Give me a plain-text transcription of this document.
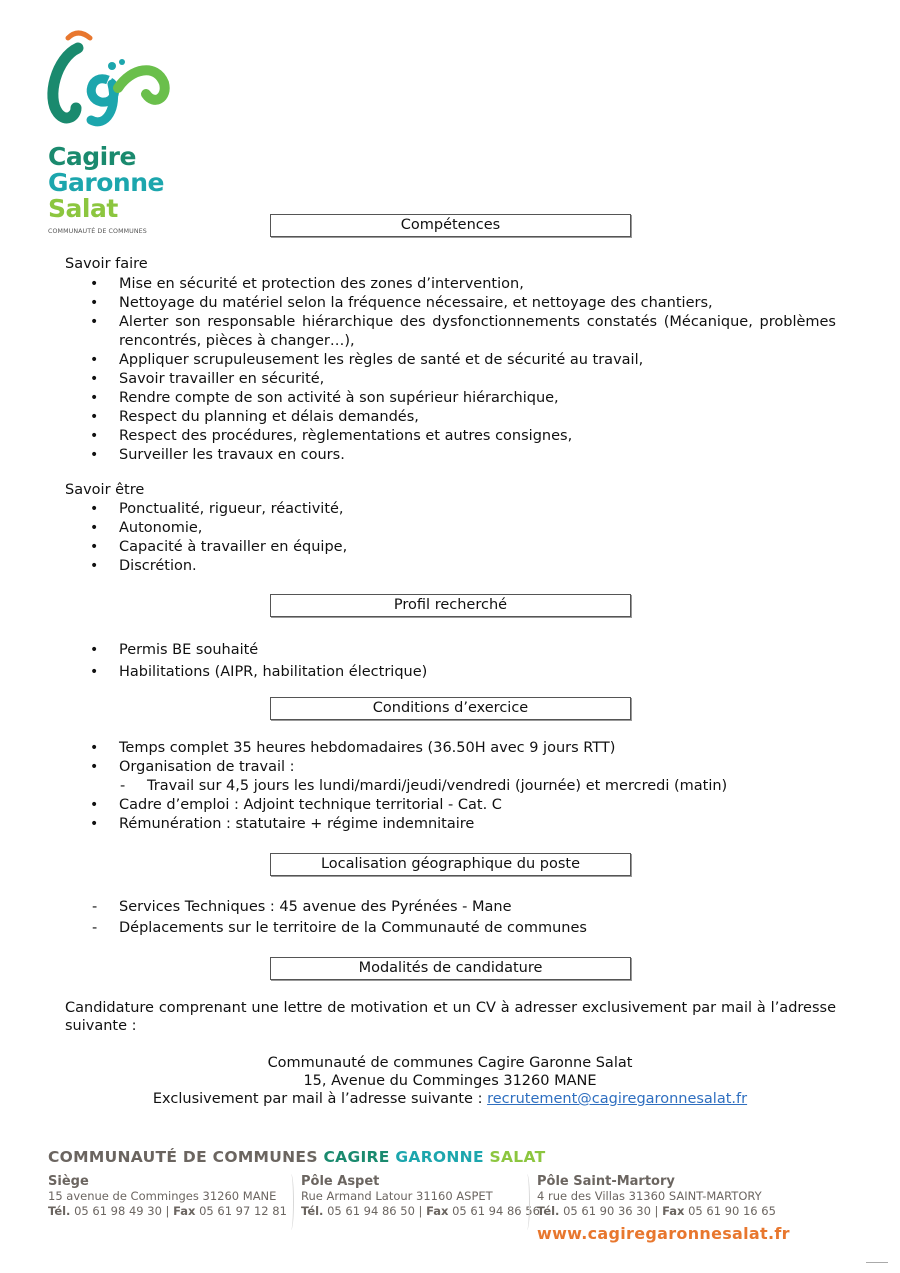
Cagire
Garonne
Salat
COMMUNAUTÉ DE COMMUNES	Compétences
Savoir faire
• Mise en sécurité et protection des zones d’intervention,
• Nettoyage du matériel selon la fréquence nécessaire, et nettoyage des chantiers,
• Alerter son responsable hiérarchique des dysfonctionnements constatés (Mécanique, problèmes rencontrés, pièces à changer…),
• Appliquer scrupuleusement les règles de santé et de sécurité au travail,
• Savoir travailler en sécurité,
• Rendre compte de son activité à son supérieur hiérarchique,
• Respect du planning et délais demandés,
• Respect des procédures, règlementations et autres consignes,
• Surveiller les travaux en cours.
Savoir être
• Ponctualité, rigueur, réactivité,
• Autonomie,
• Capacité à travailler en équipe,
• Discrétion.
Profil recherché
• Permis BE souhaité
• Habilitations (AIPR, habilitation électrique)
Conditions d’exercice
• Temps complet 35 heures hebdomadaires (36.50H avec 9 jours RTT)
• Organisation de travail :
- Travail sur 4,5 jours les lundi/mardi/jeudi/vendredi (journée) et mercredi (matin)
• Cadre d’emploi : Adjoint technique territorial - Cat. C
• Rémunération : statutaire + régime indemnitaire
Localisation géographique du poste
- Services Techniques : 45 avenue des Pyrénées - Mane
- Déplacements sur le territoire de la Communauté de communes
Modalités de candidature
Candidature comprenant une lettre de motivation et un CV à adresser exclusivement par mail à l’adresse suivante :
Communauté de communes Cagire Garonne Salat
15, Avenue du Comminges 31260 MANE
Exclusivement par mail à l’adresse suivante : recrutement@cagiregaronnesalat.fr
COMMUNAUTÉ DE COMMUNES CAGIRE GARONNE SALAT
Siège
15 avenue de Comminges 31260 MANE
Tél. 05 61 98 49 30 | Fax 05 61 97 12 81
Pôle Aspet
Rue Armand Latour 31160 ASPET
Tél. 05 61 94 86 50 | Fax 05 61 94 86 56
Pôle Saint-Martory
4 rue des Villas 31360 SAINT-MARTORY
Tél. 05 61 90 36 30 | Fax 05 61 90 16 65
www.cagiregaronnesalat.fr
